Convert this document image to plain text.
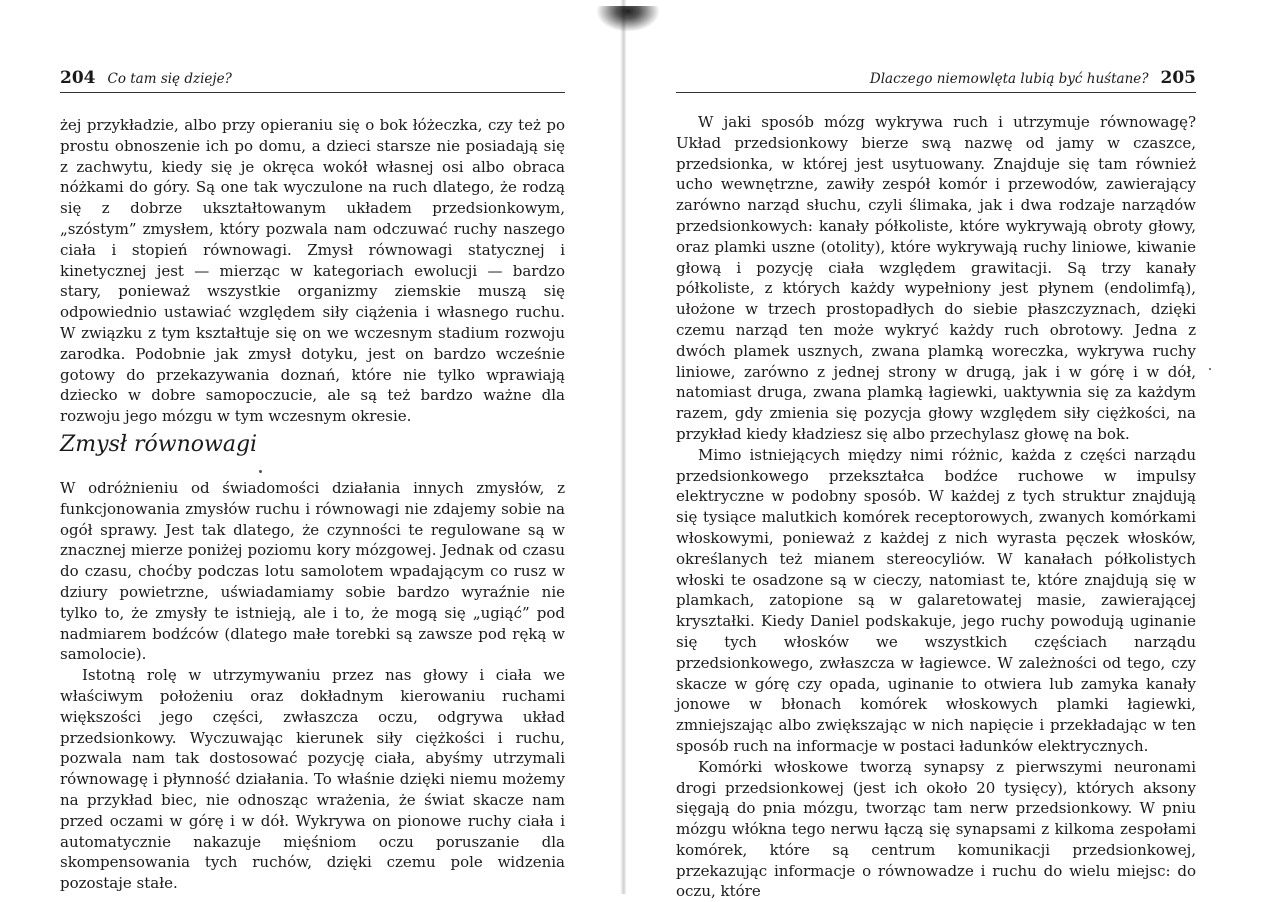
204 Co tam się dzieje?

żej przykładzie, albo przy opieraniu się o bok łóżeczka, czy też po prostu obnoszenie ich po domu, a dzieci starsze nie posiadają się z zachwytu, kiedy się je okręca wokół własnej osi albo obraca nóżkami do góry. Są one tak wyczulone na ruch dlatego, że rodzą się z dobrze ukształtowanym układem przedsionkowym, „szóstym” zmysłem, który pozwala nam odczuwać ruchy naszego ciała i stopień równowagi. Zmysł równowagi statycznej i kinetycznej jest — mierząc w kategoriach ewolucji — bardzo stary, ponieważ wszystkie organizmy ziemskie muszą się odpowiednio ustawiać względem siły ciążenia i własnego ruchu. W związku z tym kształtuje się on we wczesnym stadium rozwoju zarodka. Podobnie jak zmysł dotyku, jest on bardzo wcześnie gotowy do przekazywania doznań, które nie tylko wprawiają dziecko w dobre samopoczucie, ale są też bardzo ważne dla rozwoju jego mózgu w tym wczesnym okresie.

Zmysł równowagi

W odróżnieniu od świadomości działania innych zmysłów, z funkcjonowania zmysłów ruchu i równowagi nie zdajemy sobie na ogół sprawy. Jest tak dlatego, że czynności te regulowane są w znacznej mierze poniżej poziomu kory mózgowej. Jednak od czasu do czasu, choćby podczas lotu samolotem wpadającym co rusz w dziury powietrzne, uświadamiamy sobie bardzo wyraźnie nie tylko to, że zmysły te istnieją, ale i to, że mogą się „ugiąć” pod nadmiarem bodźców (dlatego małe torebki są zawsze pod ręką w samolocie).

Istotną rolę w utrzymywaniu przez nas głowy i ciała we właściwym położeniu oraz dokładnym kierowaniu ruchami większości jego części, zwłaszcza oczu, odgrywa układ przedsionkowy. Wyczuwając kierunek siły ciężkości i ruchu, pozwala nam tak dostosować pozycję ciała, abyśmy utrzymali równowagę i płynność działania. To właśnie dzięki niemu możemy na przykład biec, nie odnosząc wrażenia, że świat skacze nam przed oczami w górę i w dół. Wykrywa on pionowe ruchy ciała i automatycznie nakazuje mięśniom oczu poruszanie dla skompensowania tych ruchów, dzięki czemu pole widzenia pozostaje stałe.

Dlaczego niemowlęta lubią być huśtane? 205

W jaki sposób mózg wykrywa ruch i utrzymuje równowagę? Układ przedsionkowy bierze swą nazwę od jamy w czaszce, przedsionka, w której jest usytuowany. Znajduje się tam również ucho wewnętrzne, zawiły zespół komór i przewodów, zawierający zarówno narząd słuchu, czyli ślimaka, jak i dwa rodzaje narządów przedsionkowych: kanały półkoliste, które wykrywają obroty głowy, oraz plamki uszne (otolity), które wykrywają ruchy liniowe, kiwanie głową i pozycję ciała względem grawitacji. Są trzy kanały półkoliste, z których każdy wypełniony jest płynem (endolimfą), ułożone w trzech prostopadłych do siebie płaszczyznach, dzięki czemu narząd ten może wykryć każdy ruch obrotowy. Jedna z dwóch plamek usznych, zwana plamką woreczka, wykrywa ruchy liniowe, zarówno z jednej strony w drugą, jak i w górę i w dół, natomiast druga, zwana plamką łagiewki, uaktywnia się za każdym razem, gdy zmienia się pozycja głowy względem siły ciężkości, na przykład kiedy kładziesz się albo przechylasz głowę na bok.

Mimo istniejących między nimi różnic, każda z części narządu przedsionkowego przekształca bodźce ruchowe w impulsy elektryczne w podobny sposób. W każdej z tych struktur znajdują się tysiące malutkich komórek receptorowych, zwanych komórkami włoskowymi, ponieważ z każdej z nich wyrasta pęczek włosków, określanych też mianem stereocyliów. W kanałach półkolistych włoski te osadzone są w cieczy, natomiast te, które znajdują się w plamkach, zatopione są w galaretowatej masie, zawierającej kryształki. Kiedy Daniel podskakuje, jego ruchy powodują uginanie się tych włosków we wszystkich częściach narządu przedsionkowego, zwłaszcza w łagiewce. W zależności od tego, czy skacze w górę czy opada, uginanie to otwiera lub zamyka kanały jonowe w błonach komórek włoskowych plamki łagiewki, zmniejszając albo zwiększając w nich napięcie i przekładając w ten sposób ruch na informacje w postaci ładunków elektrycznych.

Komórki włoskowe tworzą synapsy z pierwszymi neuronami drogi przedsionkowej (jest ich około 20 tysięcy), których aksony sięgają do pnia mózgu, tworząc tam nerw przedsionkowy. W pniu mózgu włókna tego nerwu łączą się synapsami z kilkoma zespołami komórek, które są centrum komunikacji przedsionkowej, przekazując informacje o równowadze i ruchu do wielu miejsc: do oczu, które
